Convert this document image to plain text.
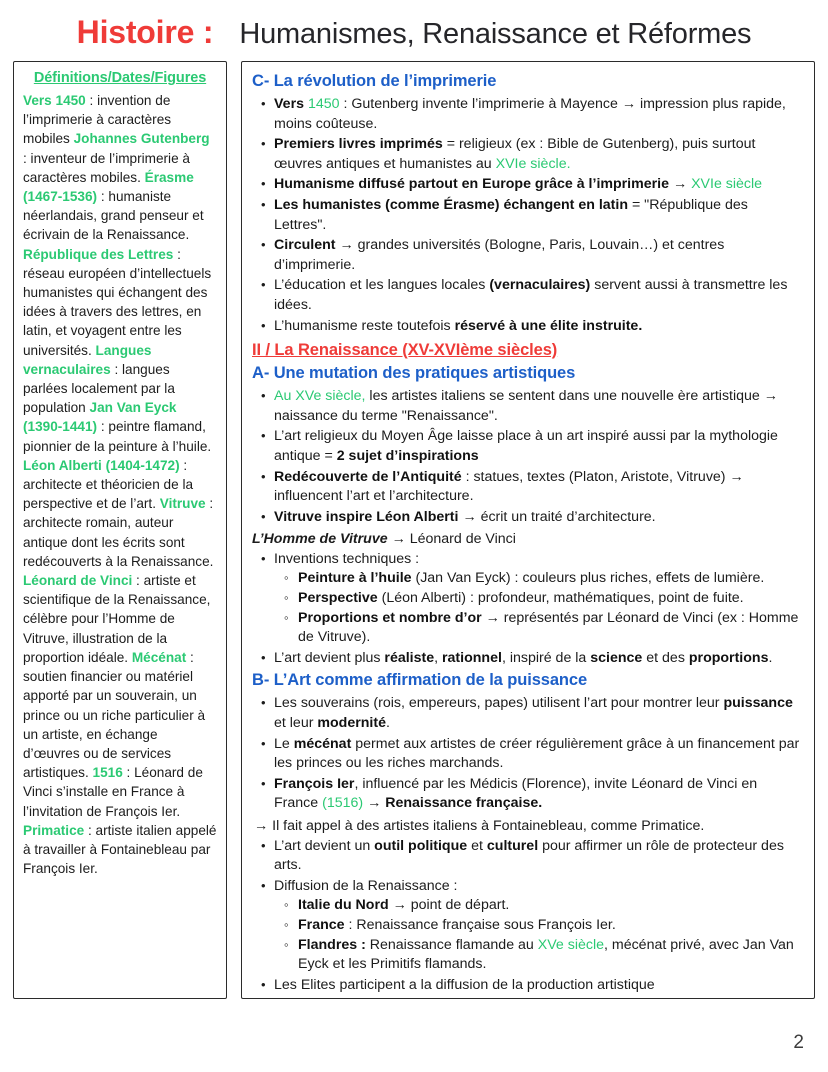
Histoire : Humanismes, Renaissance et Réformes
Définitions/Dates/Figures
Vers 1450 : invention de l’imprimerie à caractères mobiles Johannes Gutenberg : inventeur de l’imprimerie à caractères mobiles. Érasme (1467-1536) : humaniste néerlandais, grand penseur et écrivain de la Renaissance. République des Lettres : réseau européen d’intellectuels humanistes qui échangent des idées à travers des lettres, en latin, et voyagent entre les universités. Langues vernaculaires : langues parlées localement par la population Jan Van Eyck (1390-1441) : peintre flamand, pionnier de la peinture à l’huile. Léon Alberti (1404-1472) : architecte et théoricien de la perspective et de l’art. Vitruve : architecte romain, auteur antique dont les écrits sont redécouverts à la Renaissance. Léonard de Vinci : artiste et scientifique de la Renaissance, célèbre pour l’Homme de Vitruve, illustration de la proportion idéale. Mécénat : soutien financier ou matériel apporté par un souverain, un prince ou un riche particulier à un artiste, en échange d’œuvres ou de services artistiques. 1516 : Léonard de Vinci s’installe en France à l’invitation de François Ier. Primatice : artiste italien appelé à travailler à Fontainebleau par François Ier.
C- La révolution de l’imprimerie
• Vers 1450 : Gutenberg invente l’imprimerie à Mayence → impression plus rapide, moins coûteuse.
• Premiers livres imprimés = religieux (ex : Bible de Gutenberg), puis surtout œuvres antiques et humanistes au XVIe siècle.
• Humanisme diffusé partout en Europe grâce à l’imprimerie → XVIe siècle
• Les humanistes (comme Érasme) échangent en latin = "République des Lettres".
• Circulent → grandes universités (Bologne, Paris, Louvain…) et centres d’imprimerie.
• L’éducation et les langues locales (vernaculaires) servent aussi à transmettre les idées.
• L’humanisme reste toutefois réservé à une élite instruite.
II / La Renaissance (XV-XVIème siècles)
A- Une mutation des pratiques artistiques
• Au XVe siècle, les artistes italiens se sentent dans une nouvelle ère artistique → naissance du terme "Renaissance".
• L’art religieux du Moyen Âge laisse place à un art inspiré aussi par la mythologie antique = 2 sujet d’inspirations
• Redécouverte de l’Antiquité : statues, textes (Platon, Aristote, Vitruve) → influencent l’art et l’architecture.
• Vitruve inspire Léon Alberti → écrit un traité d’architecture.

L’Homme de Vitruve → Léonard de Vinci

• Inventions techniques :
◦ Peinture à l’huile (Jan Van Eyck) : couleurs plus riches, effets de lumière.
◦ Perspective (Léon Alberti) : profondeur, mathématiques, point de fuite.
◦ Proportions et nombre d’or → représentés par Léonard de Vinci (ex : Homme de Vitruve).
• L’art devient plus réaliste, rationnel, inspiré de la science et des proportions.
B- L’Art comme affirmation de la puissance
• Les souverains (rois, empereurs, papes) utilisent l’art pour montrer leur puissance et leur modernité.
• Le mécénat permet aux artistes de créer régulièrement grâce à un financement par les princes ou les riches marchands.
• François Ier, influencé par les Médicis (Florence), invite Léonard de Vinci en France (1516) → Renaissance française.

→ Il fait appel à des artistes italiens à Fontainebleau, comme Primatice.

• L’art devient un outil politique et culturel pour affirmer un rôle de protecteur des arts.
• Diffusion de la Renaissance :
◦ Italie du Nord → point de départ.
◦ France : Renaissance française sous François Ier.
◦ Flandres : Renaissance flamande au XVe siècle, mécénat privé, avec Jan Van Eyck et les Primitifs flamands.
• Les Elites participent a la diffusion de la production artistique
2
